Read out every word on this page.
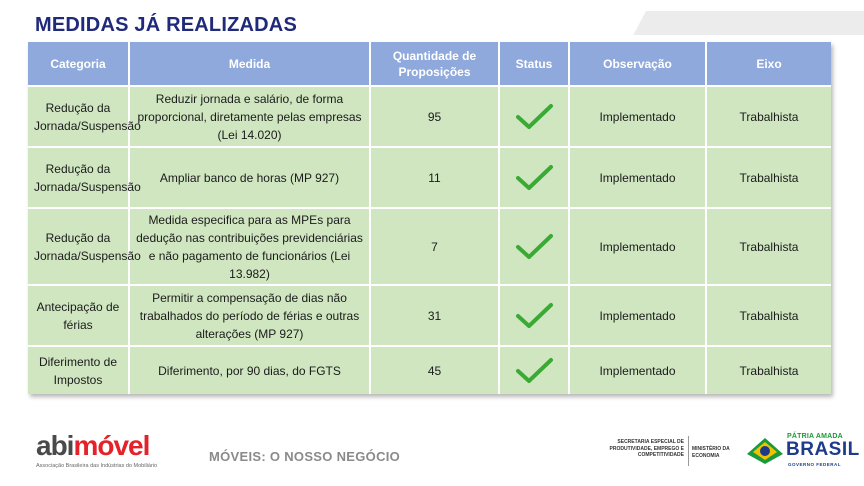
MEDIDAS JÁ REALIZADAS
Categoria	Medida	Quantidade de Proposições	Status	Observação	Eixo
Redução da Jornada/Suspensão	Reduzir jornada e salário, de forma proporcional, diretamente pelas empresas (Lei 14.020)	95		Implementado	Trabalhista
Redução da Jornada/Suspensão	Ampliar banco de horas (MP 927)	11		Implementado	Trabalhista
Redução da Jornada/Suspensão	Medida especifica para as MPEs para dedução nas contribuições previdenciárias e não pagamento de funcionários (Lei 13.982)	7		Implementado	Trabalhista
Antecipação de férias	Permitir a compensação de dias não trabalhados do período de férias e outras alterações (MP 927)	31		Implementado	Trabalhista
Diferimento de Impostos	Diferimento, por 90 dias, do FGTS	45		Implementado	Trabalhista
abimóvel
Associação Brasileira das Indústrias do Mobiliário
MÓVEIS: O NOSSO NEGÓCIO
SECRETARIA ESPECIAL DE PRODUTIVIDADE, EMPREGO E COMPETITIVIDADE
MINISTÉRIO DA ECONOMIA
PÁTRIA AMADA
BRASIL
GOVERNO FEDERAL
